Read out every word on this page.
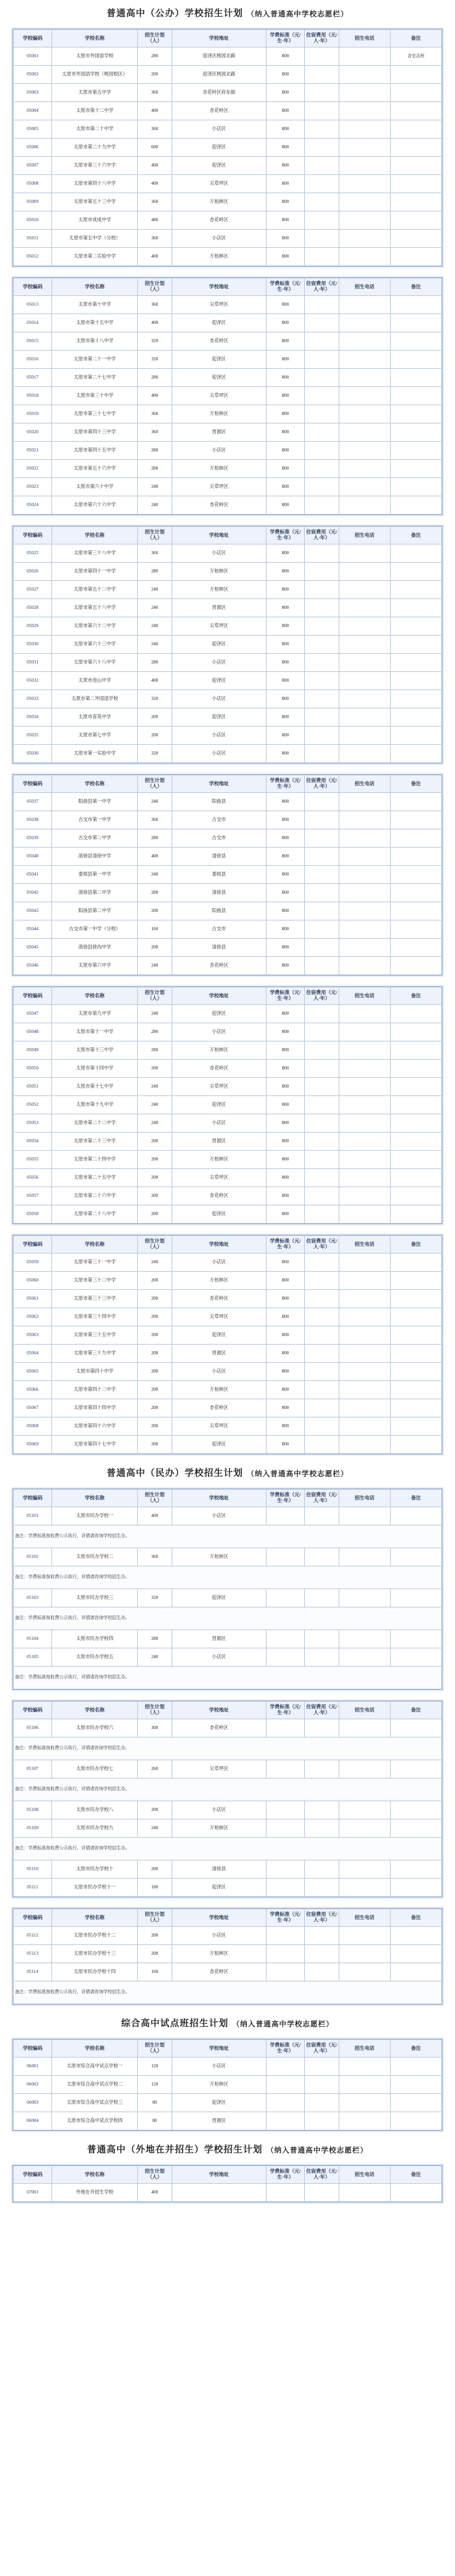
普通高中（公办）学校招生计划 （纳入普通高中学校志愿栏）
学校编码	学校名称	招生计划（人）	学校地址	学费标准（元/生·年）	住宿费用（元/人·年）	招生电话	备注
05001	太原市外国语学校	280	迎泽区桃园北路	800			含宏志班
05002	太原市外国语学校（桃园校区）	200	迎泽区桃园北路	800			
05003	太原市第五中学	360	杏花岭区府东街	800			
05004	太原市第十二中学	400	杏花岭区	800			
05005	太原市第二十中学	360	小店区	800			
05006	太原市第二十九中学	600	迎泽区	800			
05007	太原市第三十六中学	400	迎泽区	800			
05008	太原市第四十八中学	400	尖草坪区	800			
05009	太原市第五十三中学	360	万柏林区	800			
05010	太原市成成中学	480	杏花岭区	800			
05011	太原市第五中学（分校）	360	小店区	800			
05012	太原市第二实验中学	400	万柏林区	800			
学校编码	学校名称	招生计划（人）	学校地址	学费标准（元/生·年）	住宿费用（元/人·年）	招生电话	备注
05013	太原市第十中学	360	尖草坪区	800			
05014	太原市第十五中学	400	迎泽区	800			
05015	太原市第十八中学	320	杏花岭区	800			
05016	太原市第二十一中学	320	迎泽区	800			
05017	太原市第二十七中学	280	迎泽区	800			
05018	太原市第三十中学	400	尖草坪区	800			
05019	太原市第三十七中学	360	万柏林区	800			
05020	太原市第四十三中学	360	晋源区	800			
05021	太原市第四十五中学	280	小店区	800			
05022	太原市第五十六中学	280	万柏林区	800			
05023	太原市第六十中学	240	尖草坪区	800			
05024	太原市第六十六中学	240	杏花岭区	800			
学校编码	学校名称	招生计划（人）	学校地址	学费标准（元/生·年）	住宿费用（元/人·年）	招生电话	备注
05025	太原市第三十八中学	360	小店区	800			
05026	太原市第四十一中学	280	万柏林区	800			
05027	太原市第五十二中学	240	万柏林区	800			
05028	太原市第五十八中学	240	晋源区	800			
05029	太原市第六十二中学	240	尖草坪区	800			
05030	太原市第六十三中学	240	迎泽区	800			
05031	太原市第六十八中学	280	小店区	800			
05032	太原市进山中学	400	迎泽区	800			
05033	太原市第二外国语学校	320	小店区	800			
05034	太原市育英中学	200	迎泽区	800			
05035	太原市第七中学	200	小店区	800			
05036	太原市第一实验中学	320	小店区	800			
学校编码	学校名称	招生计划（人）	学校地址	学费标准（元/生·年）	住宿费用（元/人·年）	招生电话	备注
05037	阳曲县第一中学	240	阳曲县	800			
05038	古交市第一中学	360	古交市	800			
05039	古交市第二中学	280	古交市	800			
05040	清徐县清徐中学	400	清徐县	800			
05041	娄烦县第一中学	240	娄烦县	800			
05042	清徐县第二中学	280	清徐县	800			
05043	阳曲县第二中学	200	阳曲县	800			
05044	古交市第一中学（分校）	160	古交市	800			
05045	清徐县徐沟中学	200	清徐县	800			
05046	太原市第六中学	240	杏花岭区	800			
学校编码	学校名称	招生计划（人）	学校地址	学费标准（元/生·年）	住宿费用（元/人·年）	招生电话	备注
05047	太原市第九中学	240	迎泽区	800			
05048	太原市第十一中学	280	小店区	800			
05049	太原市第十三中学	280	万柏林区	800			
05050	太原市第十四中学	200	杏花岭区	800			
05051	太原市第十七中学	240	尖草坪区	800			
05052	太原市第十九中学	240	迎泽区	800			
05053	太原市第二十二中学	240	小店区	800			
05054	太原市第二十三中学	200	晋源区	800			
05055	太原市第二十四中学	200	万柏林区	800			
05056	太原市第二十五中学	200	尖草坪区	800			
05057	太原市第二十六中学	200	杏花岭区	800			
05058	太原市第二十八中学	200	迎泽区	800			
学校编码	学校名称	招生计划（人）	学校地址	学费标准（元/生·年）	住宿费用（元/人·年）	招生电话	备注
05059	太原市第三十一中学	240	小店区	800			
05060	太原市第三十二中学	200	万柏林区	800			
05061	太原市第三十三中学	200	杏花岭区	800			
05062	太原市第三十四中学	200	尖草坪区	800			
05063	太原市第三十五中学	200	迎泽区	800			
05064	太原市第三十九中学	200	晋源区	800			
05065	太原市第四十中学	200	小店区	800			
05066	太原市第四十二中学	200	万柏林区	800			
05067	太原市第四十四中学	200	杏花岭区	800			
05068	太原市第四十六中学	200	尖草坪区	800			
05069	太原市第四十七中学	200	迎泽区	800			
普通高中（民办）学校招生计划 （纳入普通高中学校志愿栏）
学校编码	学校名称	招生计划（人）	学校地址	学费标准（元/生·年）	住宿费用（元/人·年）	招生电话	备注
05101	太原市民办学校一	400	小店区				
备注：学费标准按收费公示执行，详情请咨询学校招生办。							
05102	太原市民办学校二	360	万柏林区				
备注：学费标准按收费公示执行，详情请咨询学校招生办。							
05103	太原市民办学校三	320	迎泽区				
备注：学费标准按收费公示执行，详情请咨询学校招生办。							
05104	太原市民办学校四	280	晋源区				
05105	太原市民办学校五	240	小店区				
备注：学费标准按收费公示执行，详情请咨询学校招生办。							
学校编码	学校名称	招生计划（人）	学校地址	学费标准（元/生·年）	住宿费用（元/人·年）	招生电话	备注
05106	太原市民办学校六	300	杏花岭区				
备注：学费标准按收费公示执行，详情请咨询学校招生办。							
05107	太原市民办学校七	260	尖草坪区				
备注：学费标准按收费公示执行，详情请咨询学校招生办。							
05108	太原市民办学校八	200	小店区				
05109	太原市民办学校九	240	万柏林区				
备注：学费标准按收费公示执行，详情请咨询学校招生办。							
05110	太原市民办学校十	200	清徐县				
05111	太原市民办学校十一	180	迎泽区				
学校编码	学校名称	招生计划（人）	学校地址	学费标准（元/生·年）	住宿费用（元/人·年）	招生电话	备注
05112	太原市民办学校十二	200	小店区				
05113	太原市民办学校十三	200	万柏林区				
05114	太原市民办学校十四	160	杏花岭区				
备注：学费标准按收费公示执行，详情请咨询学校招生办。							
综合高中试点班招生计划 （纳入普通高中学校志愿栏）
学校编码	学校名称	招生计划（人）	学校地址	学费标准（元/生·年）	住宿费用（元/人·年）	招生电话	备注
06001	太原市综合高中试点学校一	120	小店区				
06002	太原市综合高中试点学校二	120	万柏林区				
06003	太原市综合高中试点学校三	80	迎泽区				
06004	太原市综合高中试点学校四	80	晋源区				
普通高中（外地在并招生）学校招生计划 （纳入普通高中学校志愿栏）
学校编码	学校名称	招生计划（人）	学校地址	学费标准（元/生·年）	住宿费用（元/人·年）	招生电话	备注
07001	外地在并招生学校	400					
